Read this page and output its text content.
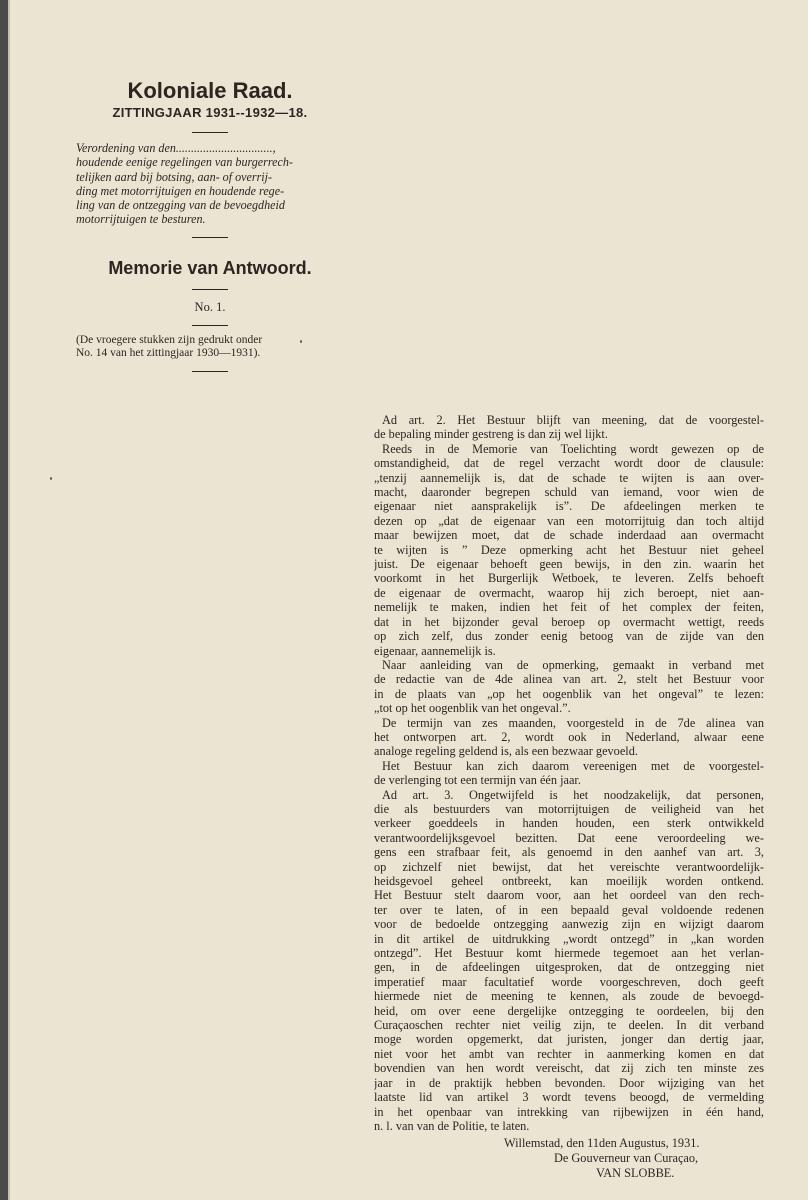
Koloniale Raad.

ZITTINGJAAR 1931--1932—18.

Verordening van den................................,
houdende eenige regelingen van burgerrech-
telijken aard bij botsing, aan- of overrij-
ding met motorrijtuigen en houdende rege-
ling van de ontzegging van de bevoegdheid
motorrijtuigen te besturen.

Memorie van Antwoord.

No. 1.

(De vroegere stukken zijn gedrukt onder
No. 14 van het zittingjaar 1930—1931).
Ad art. 2. Het Bestuur blijft van meening, dat de voorgestel-
de bepaling minder gestreng is dan zij wel lijkt.
Reeds in de Memorie van Toelichting wordt gewezen op de
omstandigheid, dat de regel verzacht wordt door de clausule:
„tenzij aannemelijk is, dat de schade te wijten is aan over-
macht, daaronder begrepen schuld van iemand, voor wien de
eigenaar niet aansprakelijk is”. De afdeelingen merken te
dezen op „dat de eigenaar van een motorrijtuig dan toch altijd
maar bewijzen moet, dat de schade inderdaad aan overmacht
te wijten is ” Deze opmerking acht het Bestuur niet geheel
juist. De eigenaar behoeft geen bewijs, in den zin. waarin het
voorkomt in het Burgerlijk Wetboek, te leveren. Zelfs behoeft
de eigenaar de overmacht, waarop hij zich beroept, niet aan-
nemelijk te maken, indien het feit of het complex der feiten,
dat in het bijzonder geval beroep op overmacht wettigt, reeds
op zich zelf, dus zonder eenig betoog van de zijde van den
eigenaar, aannemelijk is.
Naar aanleiding van de opmerking, gemaakt in verband met
de redactie van de 4de alinea van art. 2, stelt het Bestuur voor
in de plaats van „op het oogenblik van het ongeval” te lezen:
„tot op het oogenblik van het ongeval.”.
De termijn van zes maanden, voorgesteld in de 7de alinea van
het ontworpen art. 2, wordt ook in Nederland, alwaar eene
analoge regeling geldend is, als een bezwaar gevoeld.
Het Bestuur kan zich daarom vereenigen met de voorgestel-
de verlenging tot een termijn van één jaar.
Ad art. 3. Ongetwijfeld is het noodzakelijk, dat personen,
die als bestuurders van motorrijtuigen de veiligheid van het
verkeer goeddeels in handen houden, een sterk ontwikkeld
verantwoordelijksgevoel bezitten. Dat eene veroordeeling we-
gens een strafbaar feit, als genoemd in den aanhef van art. 3,
op zichzelf niet bewijst, dat het vereischte verantwoordelijk-
heidsgevoel geheel ontbreekt, kan moeilijk worden ontkend.
Het Bestuur stelt daarom voor, aan het oordeel van den rech-
ter over te laten, of in een bepaald geval voldoende redenen
voor de bedoelde ontzegging aanwezig zijn en wijzigt daarom
in dit artikel de uitdrukking „wordt ontzegd” in „kan worden
ontzegd”. Het Bestuur komt hiermede tegemoet aan het verlan-
gen, in de afdeelingen uitgesproken, dat de ontzegging niet
imperatief maar facultatief worde voorgeschreven, doch geeft
hiermede niet de meening te kennen, als zoude de bevoegd-
heid, om over eene dergelijke ontzegging te oordeelen, bij den
Curaçaoschen rechter niet veilig zijn, te deelen. In dit verband
moge worden opgemerkt, dat juristen, jonger dan dertig jaar,
niet voor het ambt van rechter in aanmerking komen en dat
bovendien van hen wordt vereischt, dat zij zich ten minste zes
jaar in de praktijk hebben bevonden. Door wijziging van het
laatste lid van artikel 3 wordt tevens beoogd, de vermelding
in het openbaar van intrekking van rijbewijzen in één hand,
n. l. van van de Politie, te laten.
Willemstad, den 11den Augustus, 1931.
De Gouverneur van Curaçao,
VAN SLOBBE.
